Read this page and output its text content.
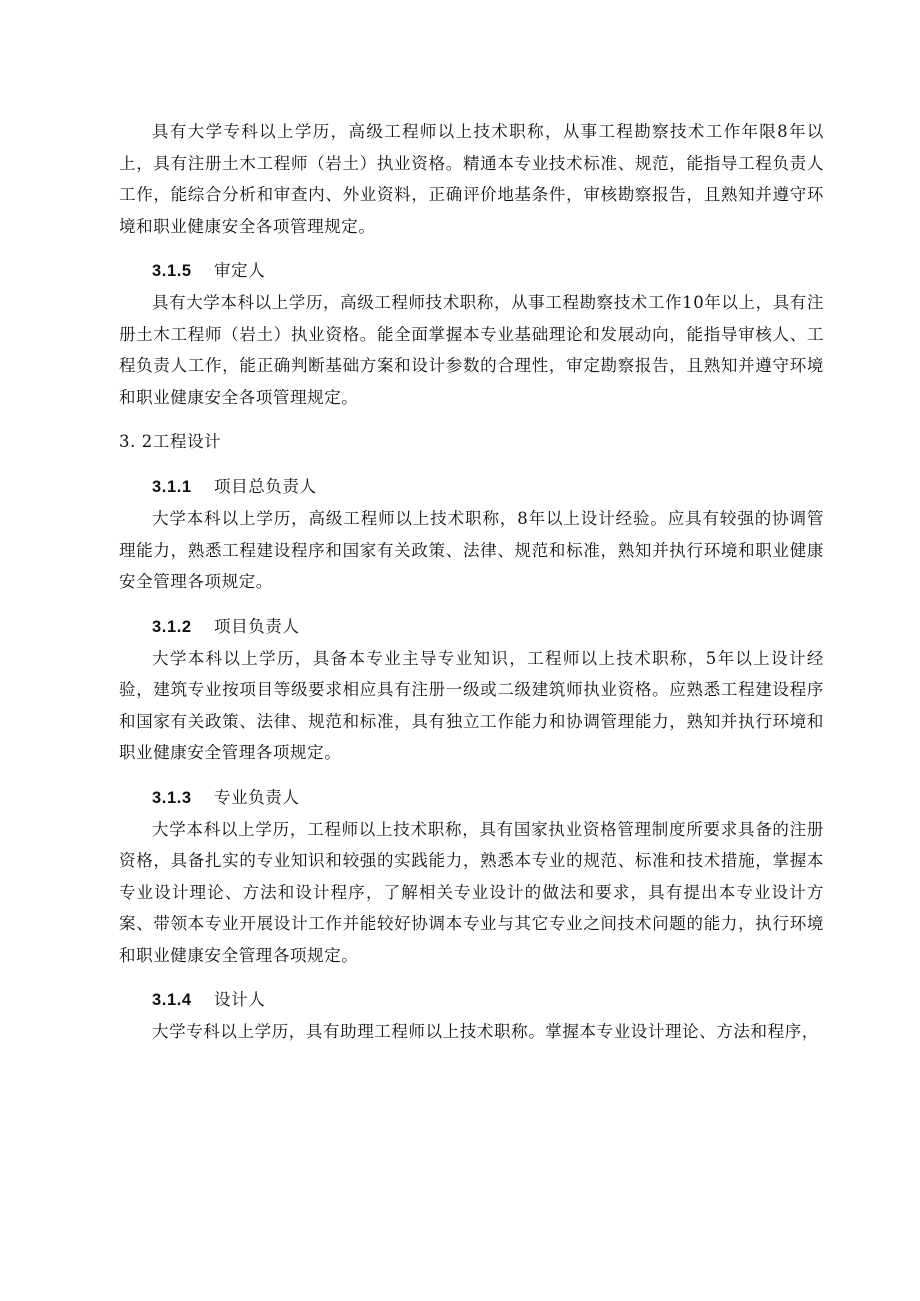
具有大学专科以上学历，高级工程师以上技术职称，从事工程勘察技术工作年限8年以上，具有注册土木工程师（岩土）执业资格。精通本专业技术标准、规范，能指导工程负责人工作，能综合分析和审查内、外业资料，正确评价地基条件，审核勘察报告，且熟知并遵守环境和职业健康安全各项管理规定。

3.1.5 审定人

具有大学本科以上学历，高级工程师技术职称，从事工程勘察技术工作10年以上，具有注册土木工程师（岩土）执业资格。能全面掌握本专业基础理论和发展动向，能指导审核人、工程负责人工作，能正确判断基础方案和设计参数的合理性，审定勘察报告，且熟知并遵守环境和职业健康安全各项管理规定。

3. 2工程设计

3.1.1 项目总负责人

大学本科以上学历，高级工程师以上技术职称，8年以上设计经验。应具有较强的协调管理能力，熟悉工程建设程序和国家有关政策、法律、规范和标准，熟知并执行环境和职业健康安全管理各项规定。

3.1.2 项目负责人

大学本科以上学历，具备本专业主导专业知识，工程师以上技术职称，5年以上设计经验，建筑专业按项目等级要求相应具有注册一级或二级建筑师执业资格。应熟悉工程建设程序和国家有关政策、法律、规范和标准，具有独立工作能力和协调管理能力，熟知并执行环境和职业健康安全管理各项规定。

3.1.3 专业负责人

大学本科以上学历，工程师以上技术职称，具有国家执业资格管理制度所要求具备的注册资格，具备扎实的专业知识和较强的实践能力，熟悉本专业的规范、标准和技术措施，掌握本专业设计理论、方法和设计程序，了解相关专业设计的做法和要求，具有提出本专业设计方案、带领本专业开展设计工作并能较好协调本专业与其它专业之间技术问题的能力，执行环境和职业健康安全管理各项规定。

3.1.4 设计人

大学专科以上学历，具有助理工程师以上技术职称。掌握本专业设计理论、方法和程序，
